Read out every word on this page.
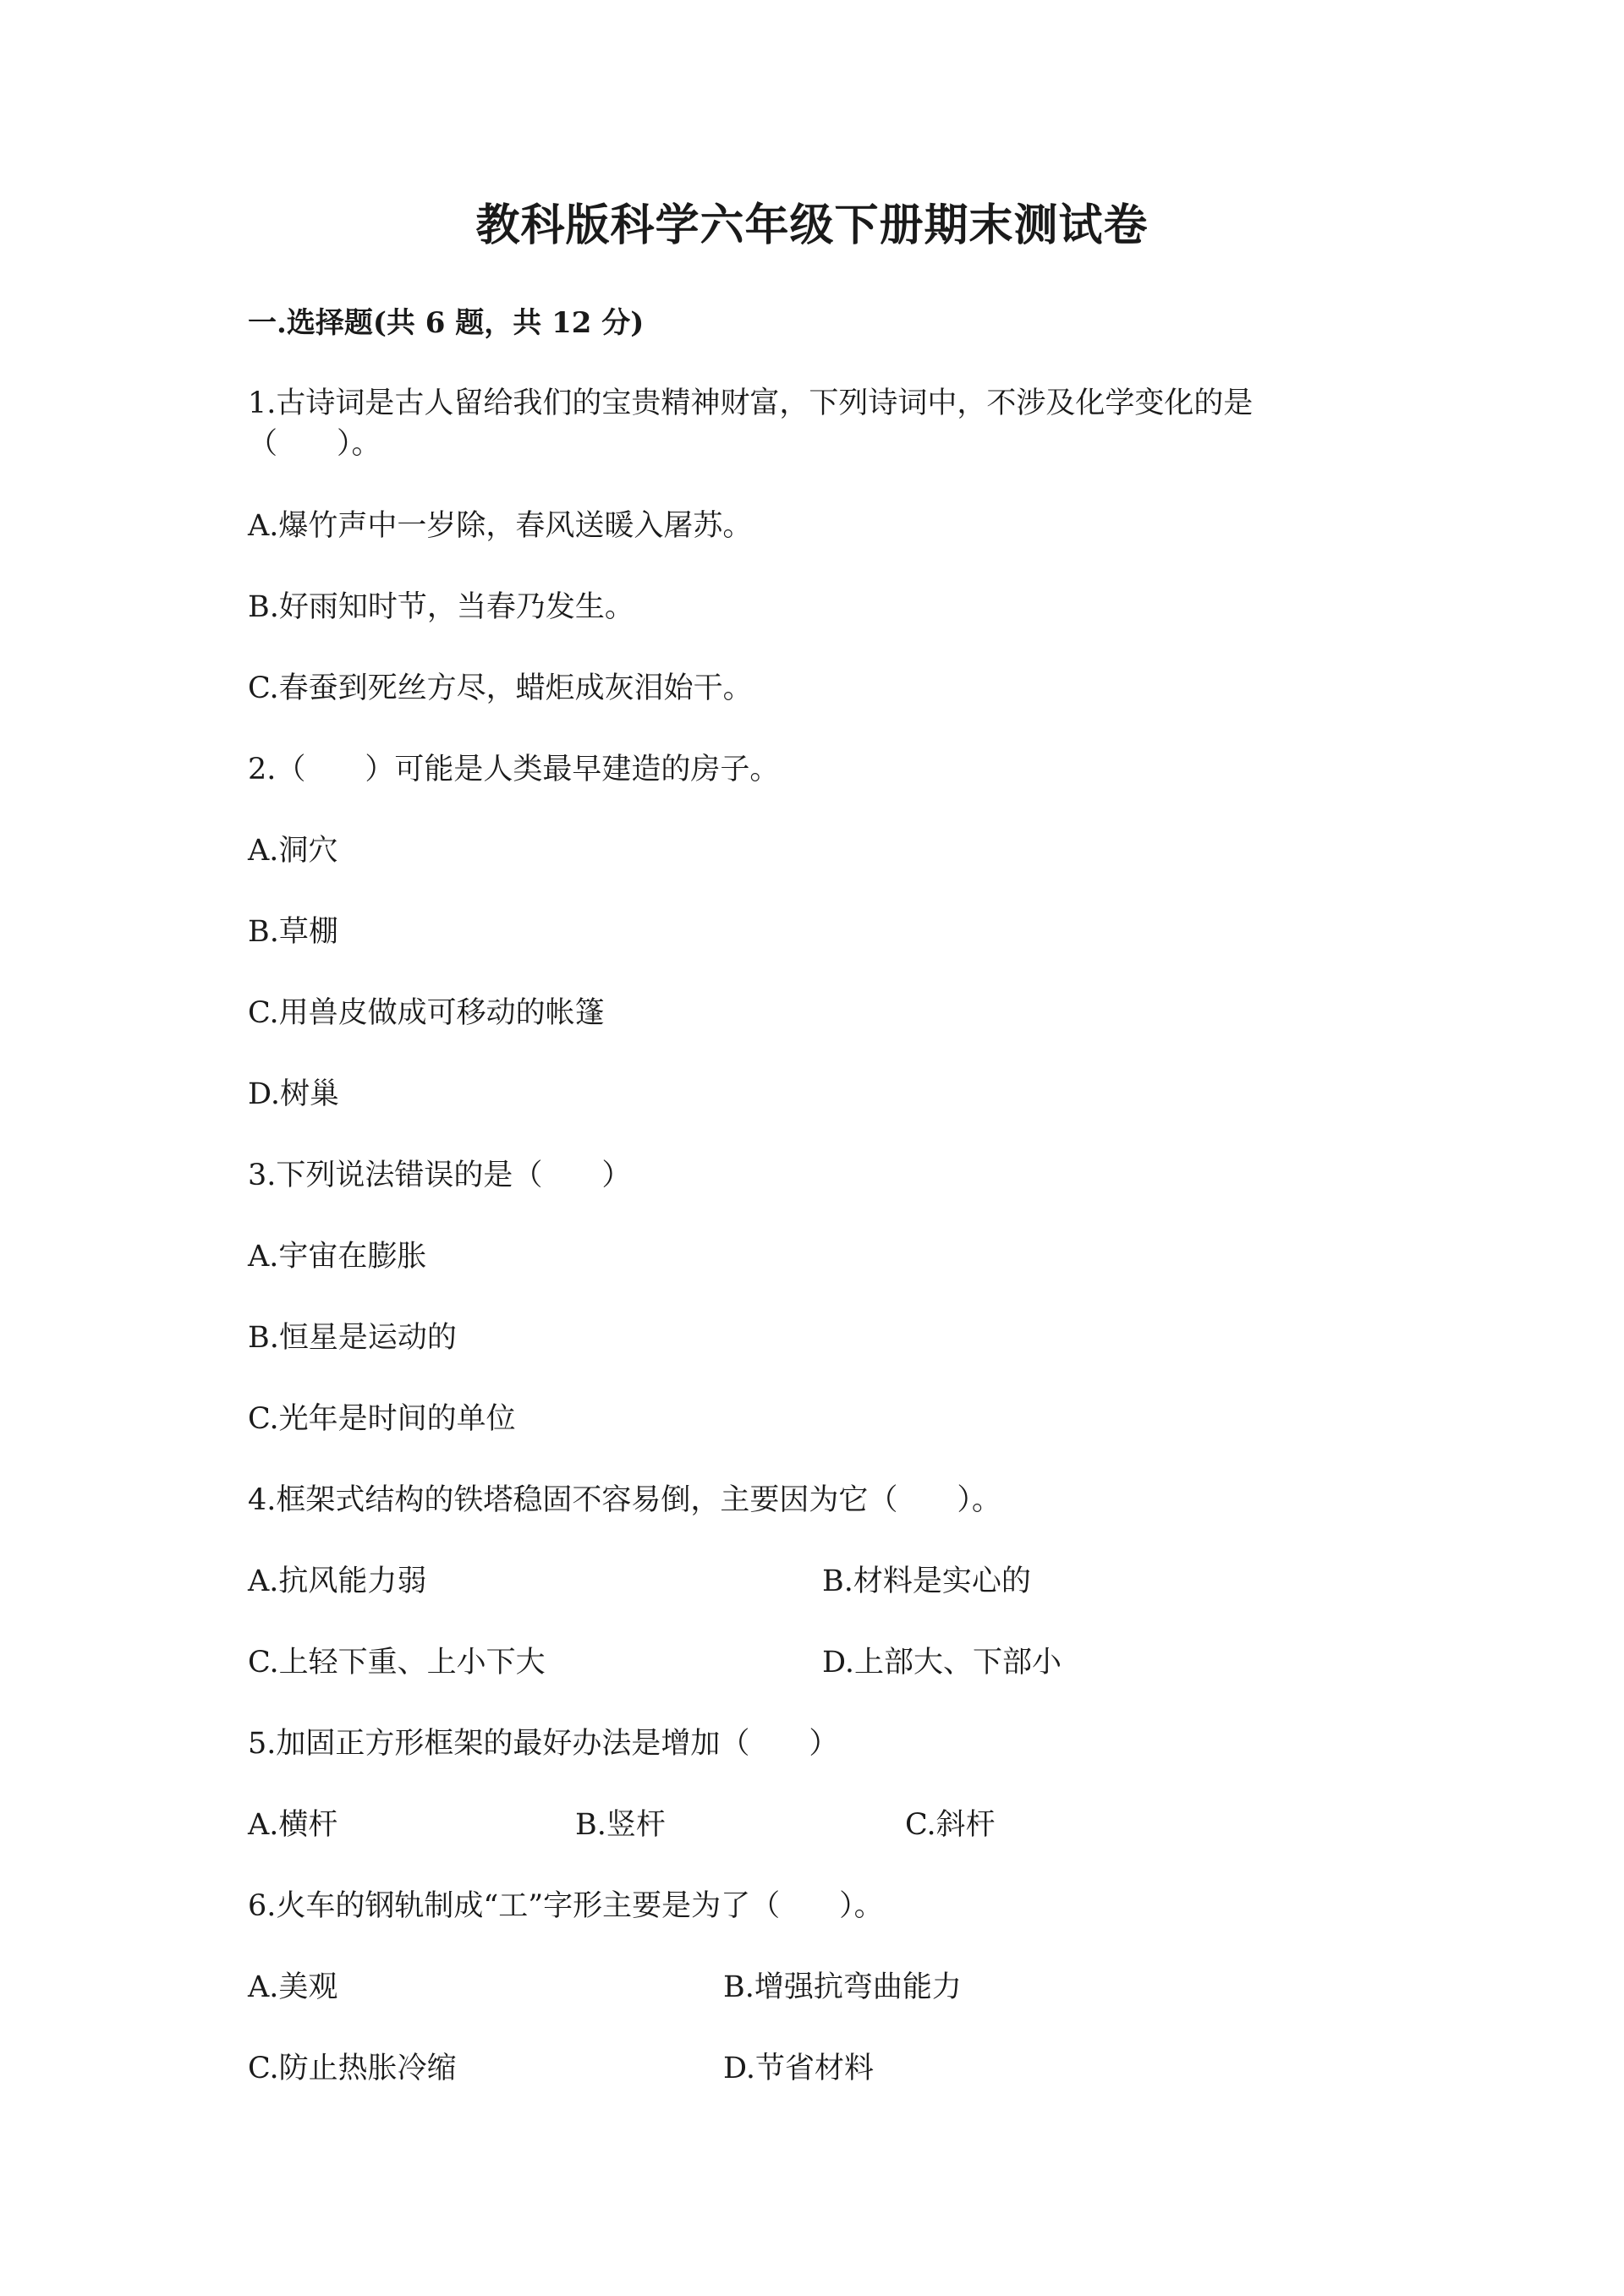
教科版科学六年级下册期末测试卷
一.选择题(共 6 题，共 12 分)
1.古诗词是古人留给我们的宝贵精神财富，下列诗词中，不涉及化学变化的是
（　　）。
A.爆竹声中一岁除，春风送暖入屠苏。
B.好雨知时节，当春乃发生。
C.春蚕到死丝方尽，蜡炬成灰泪始干。
2.（　　）可能是人类最早建造的房子。
A.洞穴
B.草棚
C.用兽皮做成可移动的帐篷
D.树巢
3.下列说法错误的是（　　）
A.宇宙在膨胀
B.恒星是运动的
C.光年是时间的单位
4.框架式结构的铁塔稳固不容易倒，主要因为它（　　）。
A.抗风能力弱	B.材料是实心的
C.上轻下重、上小下大	D.上部大、下部小
5.加固正方形框架的最好办法是增加（　　）
A.横杆	B.竖杆	C.斜杆
6.火车的钢轨制成“工”字形主要是为了（　　）。
A.美观	B.增强抗弯曲能力
C.防止热胀冷缩	D.节省材料
